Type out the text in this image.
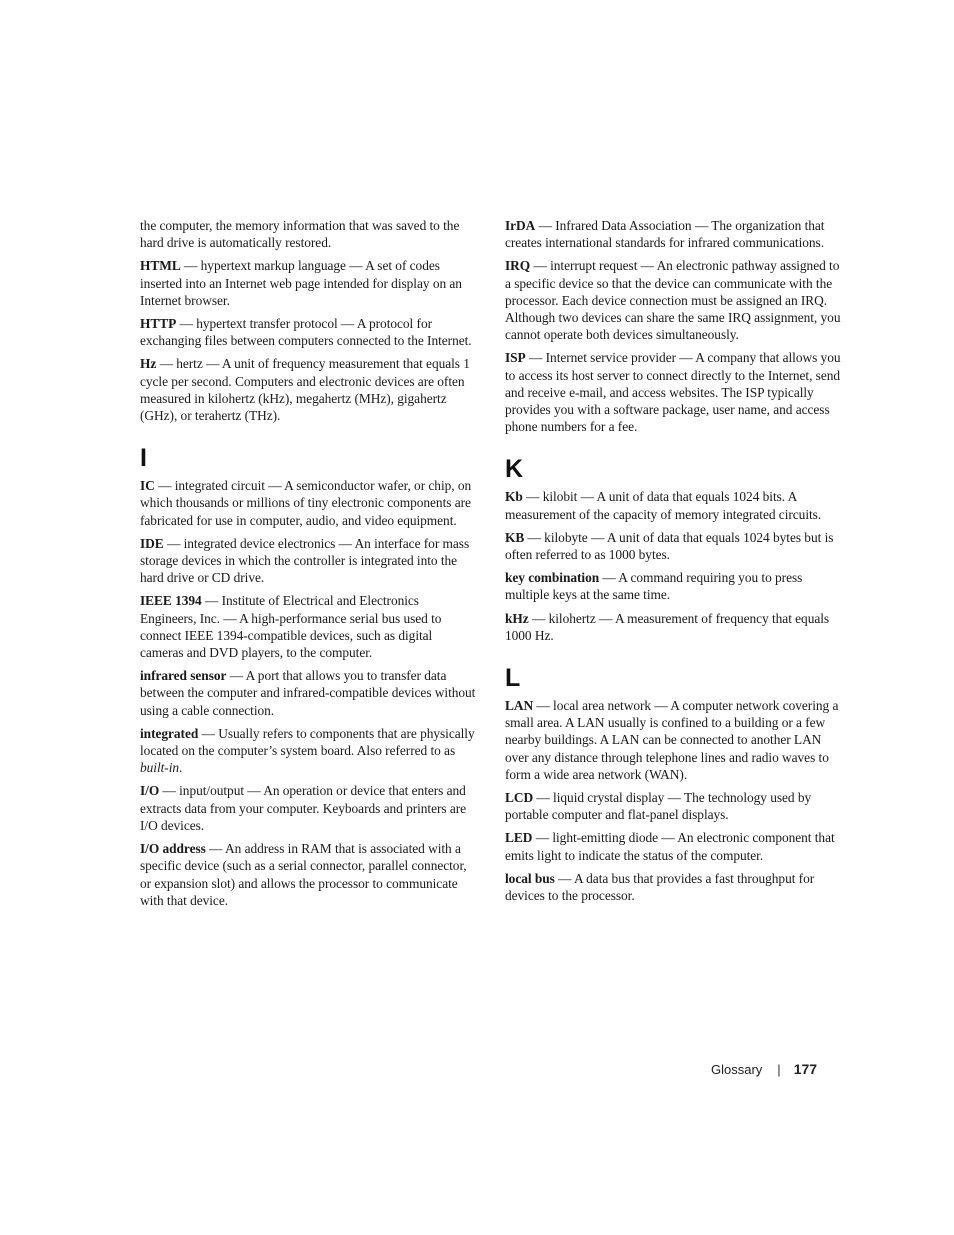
the computer, the memory information that was saved to the hard drive is automatically restored.

HTML — hypertext markup language — A set of codes inserted into an Internet web page intended for display on an Internet browser.

HTTP — hypertext transfer protocol — A protocol for exchanging files between computers connected to the Internet.

Hz — hertz — A unit of frequency measurement that equals 1 cycle per second. Computers and electronic devices are often measured in kilohertz (kHz), megahertz (MHz), gigahertz (GHz), or terahertz (THz).

I

IC — integrated circuit — A semiconductor wafer, or chip, on which thousands or millions of tiny electronic components are fabricated for use in computer, audio, and video equipment.

IDE — integrated device electronics — An interface for mass storage devices in which the controller is integrated into the hard drive or CD drive.

IEEE 1394 — Institute of Electrical and Electronics Engineers, Inc. — A high-performance serial bus used to connect IEEE 1394-compatible devices, such as digital cameras and DVD players, to the computer.

infrared sensor — A port that allows you to transfer data between the computer and infrared-compatible devices without using a cable connection.

integrated — Usually refers to components that are physically located on the computer’s system board. Also referred to as built-in.

I/O — input/output — An operation or device that enters and extracts data from your computer. Keyboards and printers are I/O devices.

I/O address — An address in RAM that is associated with a specific device (such as a serial connector, parallel connector, or expansion slot) and allows the processor to communicate with that device.

IrDA — Infrared Data Association — The organization that creates international standards for infrared communications.

IRQ — interrupt request — An electronic pathway assigned to a specific device so that the device can communicate with the processor. Each device connection must be assigned an IRQ. Although two devices can share the same IRQ assignment, you cannot operate both devices simultaneously.

ISP — Internet service provider — A company that allows you to access its host server to connect directly to the Internet, send and receive e-mail, and access websites. The ISP typically provides you with a software package, user name, and access phone numbers for a fee.

K

Kb — kilobit — A unit of data that equals 1024 bits. A measurement of the capacity of memory integrated circuits.

KB — kilobyte — A unit of data that equals 1024 bytes but is often referred to as 1000 bytes.

key combination — A command requiring you to press multiple keys at the same time.

kHz — kilohertz — A measurement of frequency that equals 1000 Hz.

L

LAN — local area network — A computer network covering a small area. A LAN usually is confined to a building or a few nearby buildings. A LAN can be connected to another LAN over any distance through telephone lines and radio waves to form a wide area network (WAN).

LCD — liquid crystal display — The technology used by portable computer and flat-panel displays.

LED — light-emitting diode — An electronic component that emits light to indicate the status of the computer.

local bus — A data bus that provides a fast throughput for devices to the processor.

Glossary | 177
